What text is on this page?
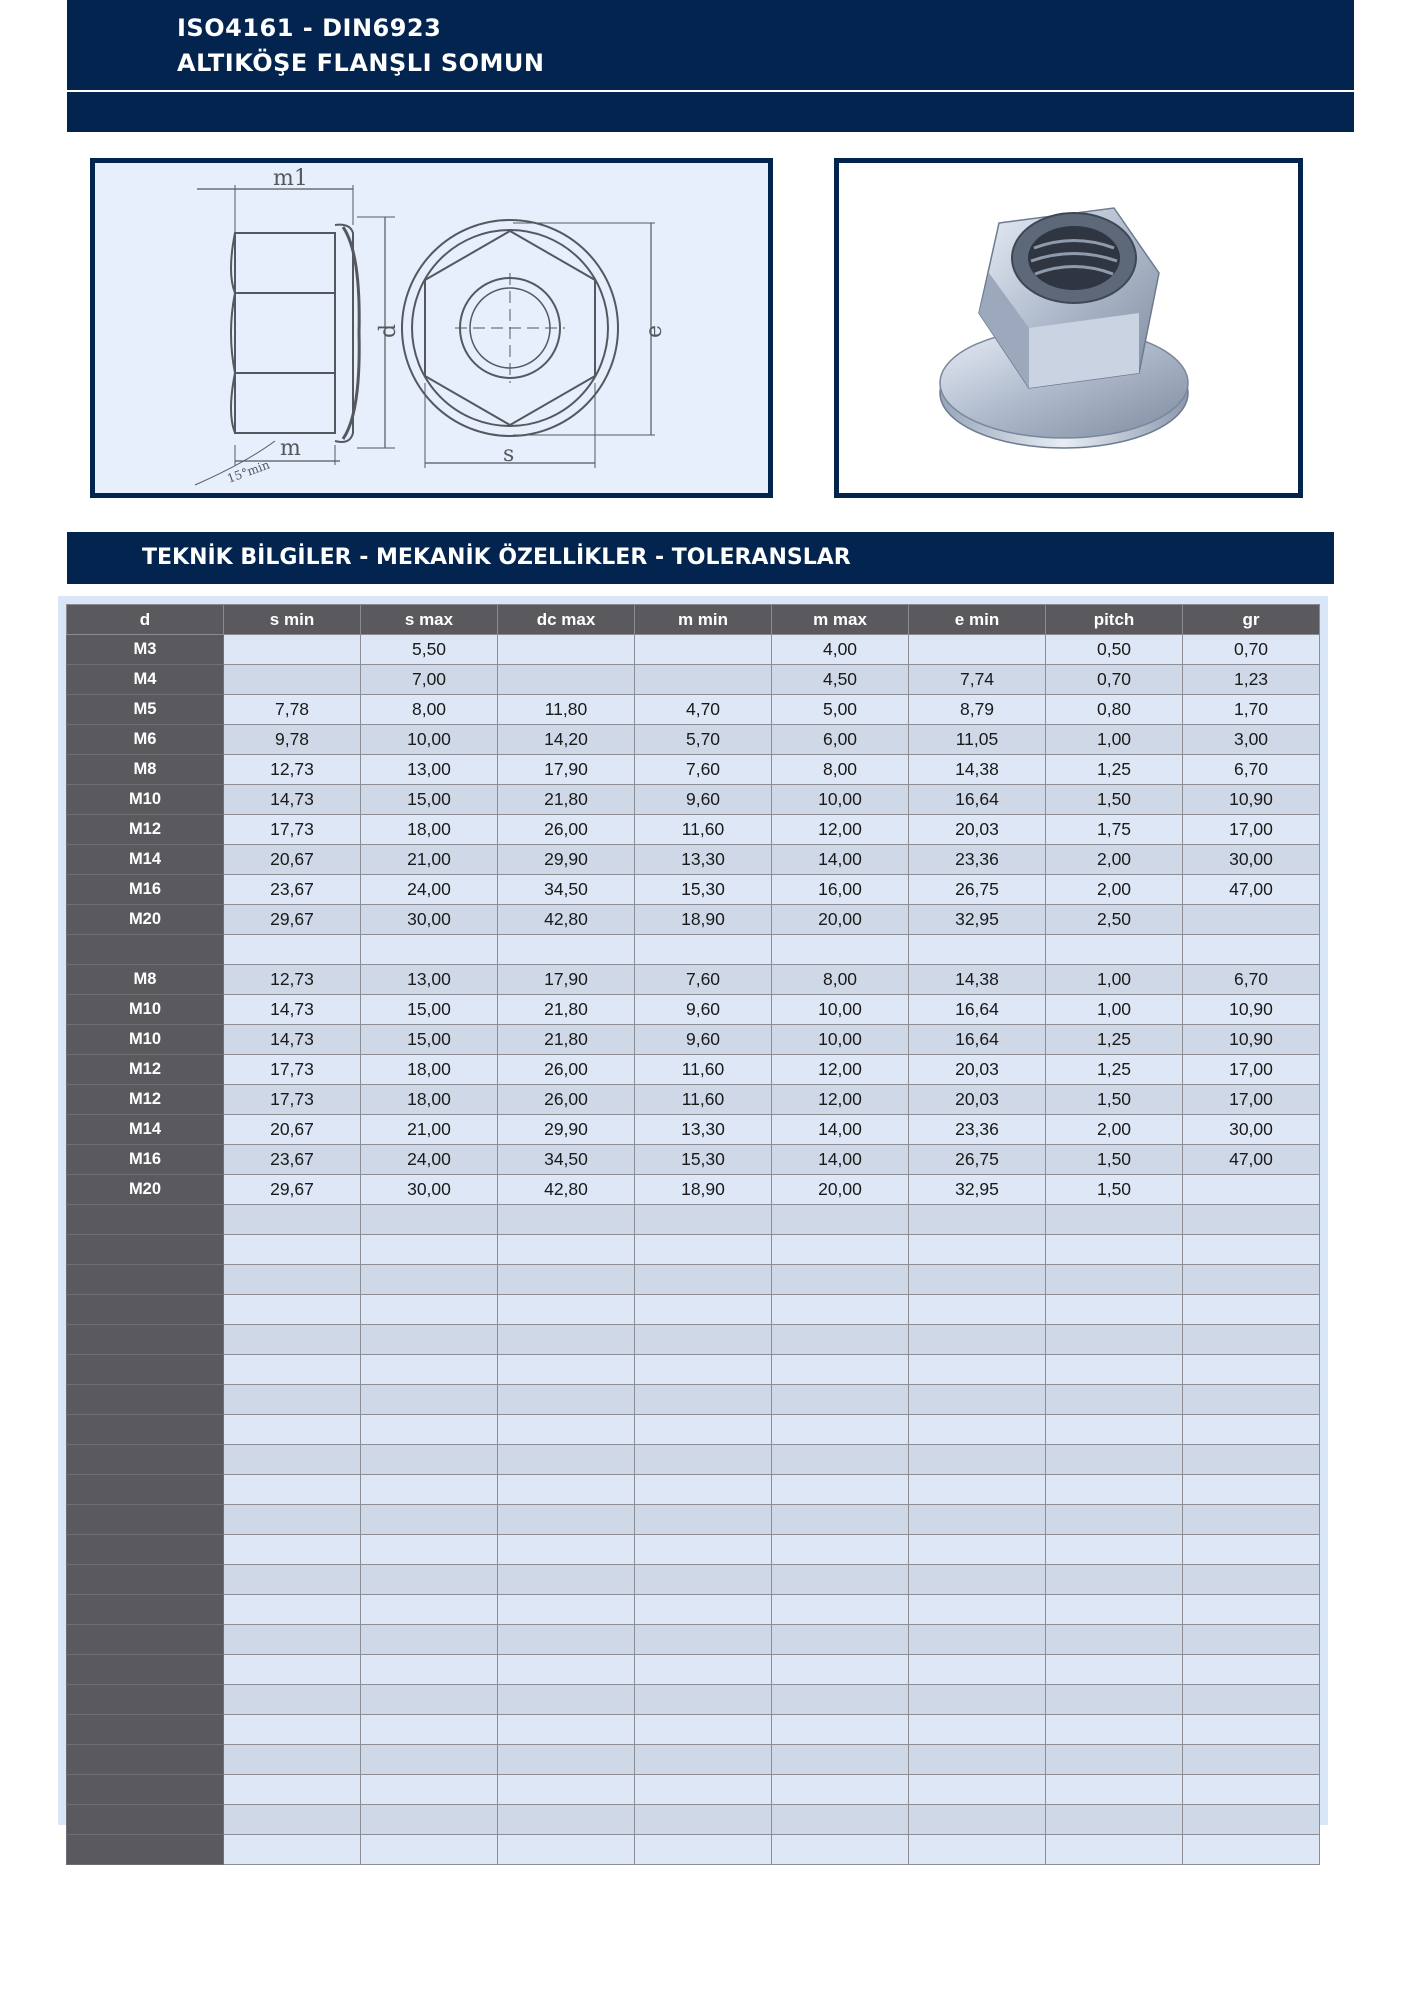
ISO4161 - DIN6923
ALTIKÖŞE FLANŞLI SOMUN
m1
d	e
m	s
15°min
TEKNİK BİLGİLER - MEKANİK ÖZELLİKLER - TOLERANSLAR
d	s min	s max	dc max	m min	m max	e min	pitch	gr
M3		5,50			4,00		0,50	0,70
M4		7,00			4,50	7,74	0,70	1,23
M5	7,78	8,00	11,80	4,70	5,00	8,79	0,80	1,70
M6	9,78	10,00	14,20	5,70	6,00	11,05	1,00	3,00
M8	12,73	13,00	17,90	7,60	8,00	14,38	1,25	6,70
M10	14,73	15,00	21,80	9,60	10,00	16,64	1,50	10,90
M12	17,73	18,00	26,00	11,60	12,00	20,03	1,75	17,00
M14	20,67	21,00	29,90	13,30	14,00	23,36	2,00	30,00
M16	23,67	24,00	34,50	15,30	16,00	26,75	2,00	47,00
M20	29,67	30,00	42,80	18,90	20,00	32,95	2,50	

M8	12,73	13,00	17,90	7,60	8,00	14,38	1,00	6,70
M10	14,73	15,00	21,80	9,60	10,00	16,64	1,00	10,90
M10	14,73	15,00	21,80	9,60	10,00	16,64	1,25	10,90
M12	17,73	18,00	26,00	11,60	12,00	20,03	1,25	17,00
M12	17,73	18,00	26,00	11,60	12,00	20,03	1,50	17,00
M14	20,67	21,00	29,90	13,30	14,00	23,36	2,00	30,00
M16	23,67	24,00	34,50	15,30	14,00	26,75	1,50	47,00
M20	29,67	30,00	42,80	18,90	20,00	32,95	1,50	
